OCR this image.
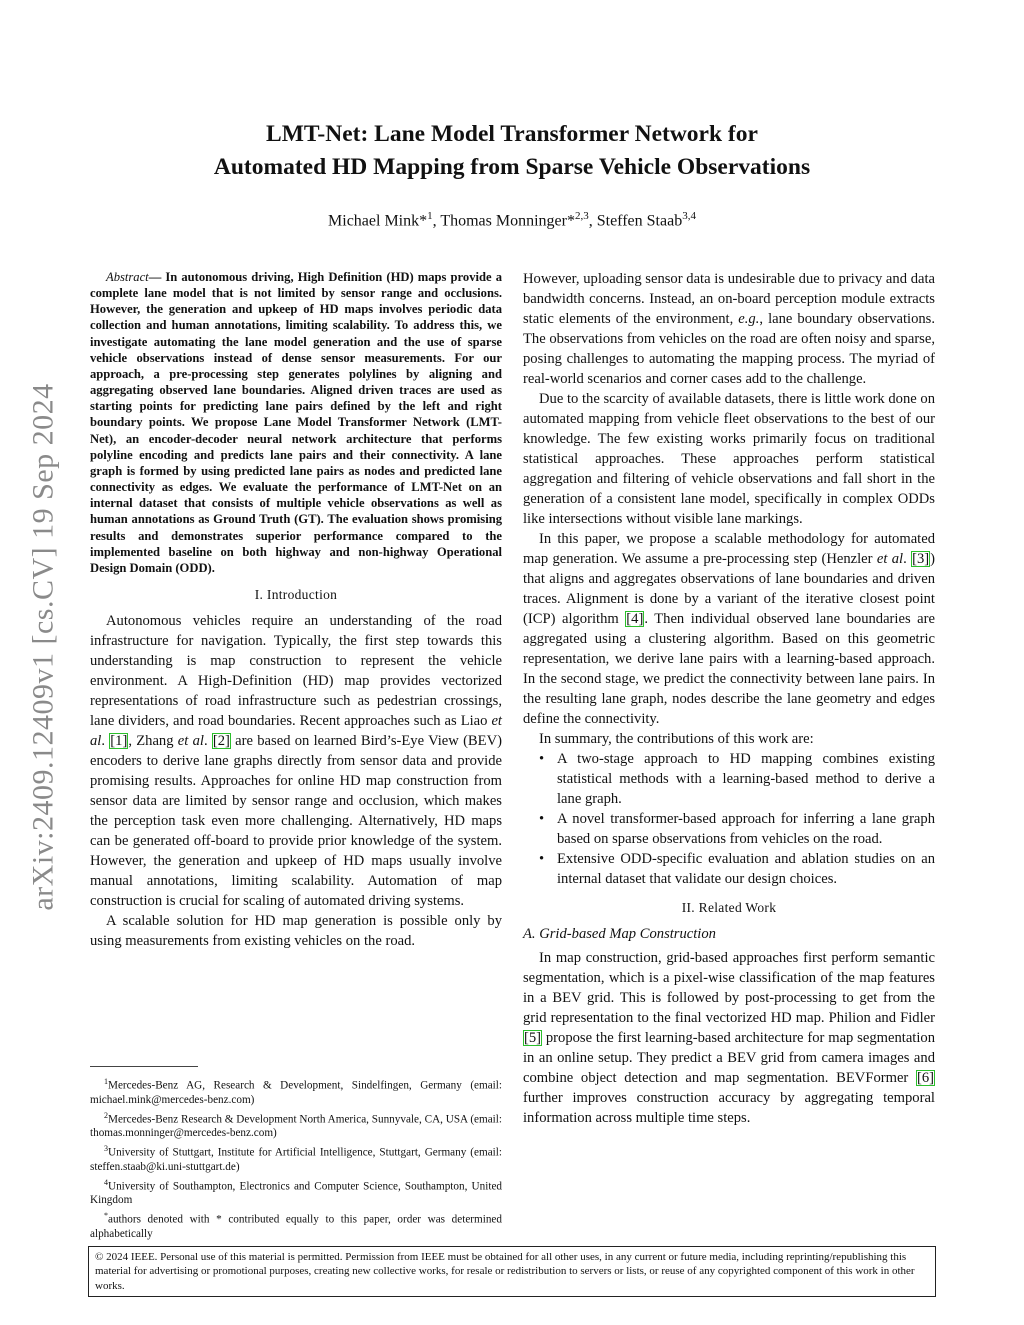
arXiv:2409.12409v1 [cs.CV] 19 Sep 2024
LMT-Net: Lane Model Transformer Network for
Automated HD Mapping from Sparse Vehicle Observations
Michael Mink*$^1$, Thomas Monninger*$^{2,3}$, Steffen Staab$^{3,4}$

Abstract— In autonomous driving, High Definition (HD) maps provide a complete lane model that is not limited by sensor range and occlusions. However, the generation and upkeep of HD maps involves periodic data collection and human annotations, limiting scalability. To address this, we investigate automating the lane model generation and the use of sparse vehicle observations instead of dense sensor measurements. For our approach, a pre-processing step generates polylines by aligning and aggregating observed lane boundaries. Aligned driven traces are used as starting points for predicting lane pairs defined by the left and right boundary points. We propose Lane Model Transformer Network (LMT-Net), an encoder-decoder neural network architecture that performs polyline encoding and predicts lane pairs and their connectivity. A lane graph is formed by using predicted lane pairs as nodes and predicted lane connectivity as edges. We evaluate the performance of LMT-Net on an internal dataset that consists of multiple vehicle observations as well as human annotations as Ground Truth (GT). The evaluation shows promising results and demonstrates superior performance compared to the implemented baseline on both highway and non-highway Operational Design Domain (ODD).

I. Introduction

Autonomous vehicles require an understanding of the road infrastructure for navigation. Typically, the first step towards this understanding is map construction to represent the vehicle environment. A High-Definition (HD) map provides vectorized representations of road infrastructure such as pedestrian crossings, lane dividers, and road boundaries. Recent approaches such as Liao et al. [1], Zhang et al. [2] are based on learned Bird’s-Eye View (BEV) encoders to derive lane graphs directly from sensor data and provide promising results. Approaches for online HD map construction from sensor data are limited by sensor range and occlusion, which makes the perception task even more challenging. Alternatively, HD maps can be generated off-board to provide prior knowledge of the system. However, the generation and upkeep of HD maps usually involve manual annotations, limiting scalability. Automation of map construction is crucial for scaling of automated driving systems.

A scalable solution for HD map generation is possible only by using measurements from existing vehicles on the road.

$^1$Mercedes-Benz AG, Research & Development, Sindelfingen, Germany (email: michael.mink@mercedes-benz.com)

$^2$Mercedes-Benz Research & Development North America, Sunnyvale, CA, USA (email: thomas.monninger@mercedes-benz.com)

$^3$University of Stuttgart, Institute for Artificial Intelligence, Stuttgart, Germany (email: steffen.staab@ki.uni-stuttgart.de)

$^4$University of Southampton, Electronics and Computer Science, Southampton, United Kingdom

*authors denoted with * contributed equally to this paper, order was determined alphabetically

However, uploading sensor data is undesirable due to privacy and data bandwidth concerns. Instead, an on-board perception module extracts static elements of the environment, e.g., lane boundary observations. The observations from vehicles on the road are often noisy and sparse, posing challenges to automating the mapping process. The myriad of real-world scenarios and corner cases add to the challenge.

Due to the scarcity of available datasets, there is little work done on automated mapping from vehicle fleet observations to the best of our knowledge. The few existing works primarily focus on traditional statistical approaches. These approaches perform statistical aggregation and filtering of vehicle observations and fall short in the generation of a consistent lane model, specifically in complex ODDs like intersections without visible lane markings.

In this paper, we propose a scalable methodology for automated map generation. We assume a pre-processing step (Henzler et al. [3]) that aligns and aggregates observations of lane boundaries and driven traces. Alignment is done by a variant of the iterative closest point (ICP) algorithm [4]. Then individual observed lane boundaries are aggregated using a clustering algorithm. Based on this geometric representation, we derive lane pairs with a learning-based approach. In the second stage, we predict the connectivity between lane pairs. In the resulting lane graph, nodes describe the lane geometry and edges define the connectivity.

In summary, the contributions of this work are:

• A two-stage approach to HD mapping combines existing statistical methods with a learning-based method to derive a lane graph.
• A novel transformer-based approach for inferring a lane graph based on sparse observations from vehicles on the road.
• Extensive ODD-specific evaluation and ablation studies on an internal dataset that validate our design choices.
II. Related Work

A. Grid-based Map Construction

In map construction, grid-based approaches first perform semantic segmentation, which is a pixel-wise classification of the map features in a BEV grid. This is followed by post-processing to get from the grid representation to the final vectorized HD map. Philion and Fidler [5] propose the first learning-based architecture for map segmentation in an online setup. They predict a BEV grid from camera images and combine object detection and map segmentation. BEVFormer [6] further improves construction accuracy by aggregating temporal information across multiple time steps.

© 2024 IEEE. Personal use of this material is permitted. Permission from IEEE must be obtained for all other uses, in any current or future media, including reprinting/republishing this material for advertising or promotional purposes, creating new collective works, for resale or redistribution to servers or lists, or reuse of any copyrighted component of this work in other works.
